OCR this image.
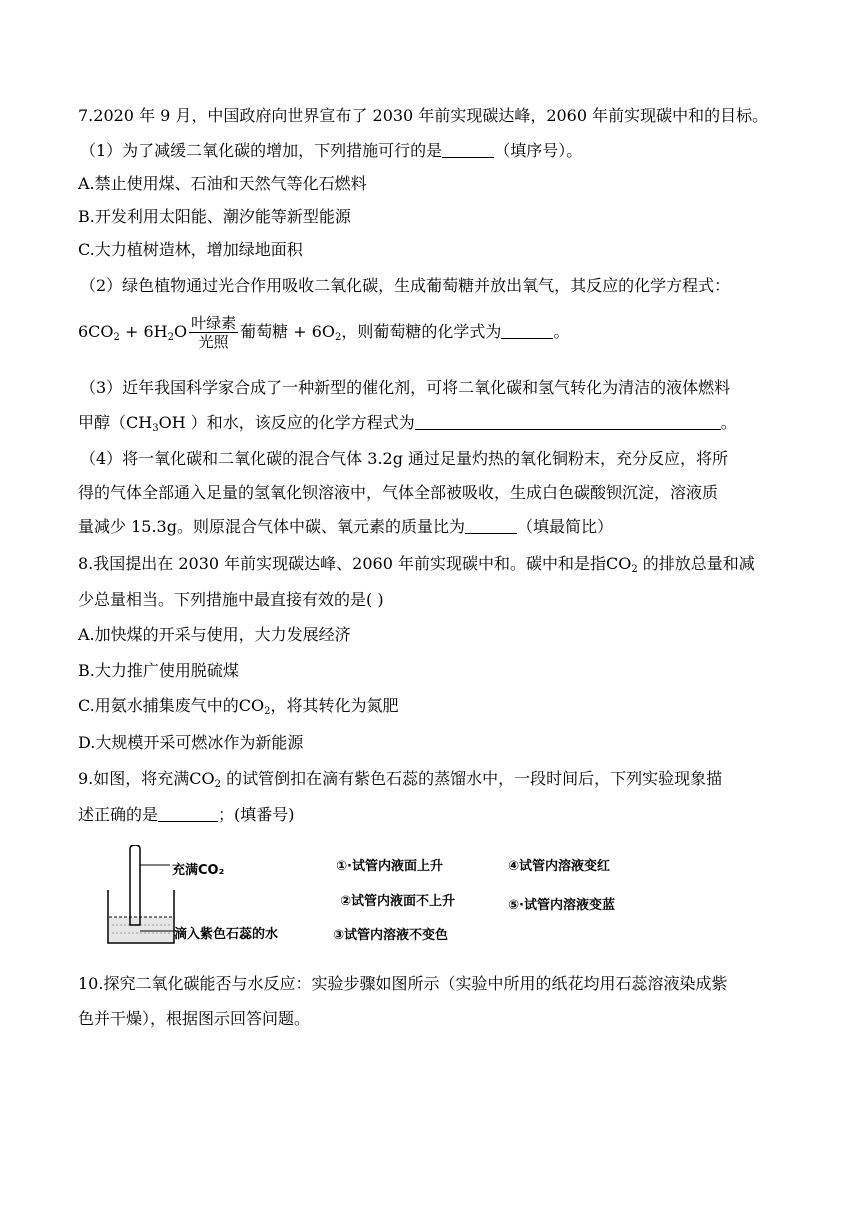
7.2020 年 9 月，中国政府向世界宣布了 2030 年前实现碳达峰，2060 年前实现碳中和的目标。
（1）为了减缓二氧化碳的增加，下列措施可行的是	（填序号）。
A.禁止使用煤、石油和天然气等化石燃料
B.开发利用太阳能、潮汐能等新型能源
C.大力植树造林，增加绿地面积
（2）绿色植物通过光合作用吸收二氧化碳，生成葡萄糖并放出氧气，其反应的化学方程式：
$6CO_2 + 6H_2O \frac{\text{叶绿素}}{\text{光照}}$ 葡萄糖 + $6O_2$，则葡萄糖的化学式为	。
（3）近年我国科学家合成了一种新型的催化剂，可将二氧化碳和氢气转化为清洁的液体燃料
甲醇（$CH_3OH$ ）和水，该反应的化学方程式为	。
（4）将一氧化碳和二氧化碳的混合气体 3.2g 通过足量灼热的氧化铜粉末，充分反应，将所
得的气体全部通入足量的氢氧化钡溶液中，气体全部被吸收，生成白色碳酸钡沉淀，溶液质
量减少 15.3g。则原混合气体中碳、氧元素的质量比为	（填最简比）
8.我国提出在 2030 年前实现碳达峰、2060 年前实现碳中和。碳中和是指$CO_2$ 的排放总量和减
少总量相当。下列措施中最直接有效的是( )
A.加快煤的开采与使用，大力发展经济
B.大力推广使用脱硫煤
C.用氨水捕集废气中的$CO_2$，将其转化为氮肥
D.大规模开采可燃冰作为新能源
9.如图，将充满$CO_2$ 的试管倒扣在滴有紫色石蕊的蒸馏水中，一段时间后，下列实验现象描
述正确的是	；(填番号)
充满CO₂
滴入紫色石蕊的水
①·试管内液面上升
②试管内液面不上升
③试管内溶液不变色
④试管内溶液变红
⑤·试管内溶液变蓝
10.探究二氧化碳能否与水反应：实验步骤如图所示（实验中所用的纸花均用石蕊溶液染成紫
色并干燥），根据图示回答问题。
